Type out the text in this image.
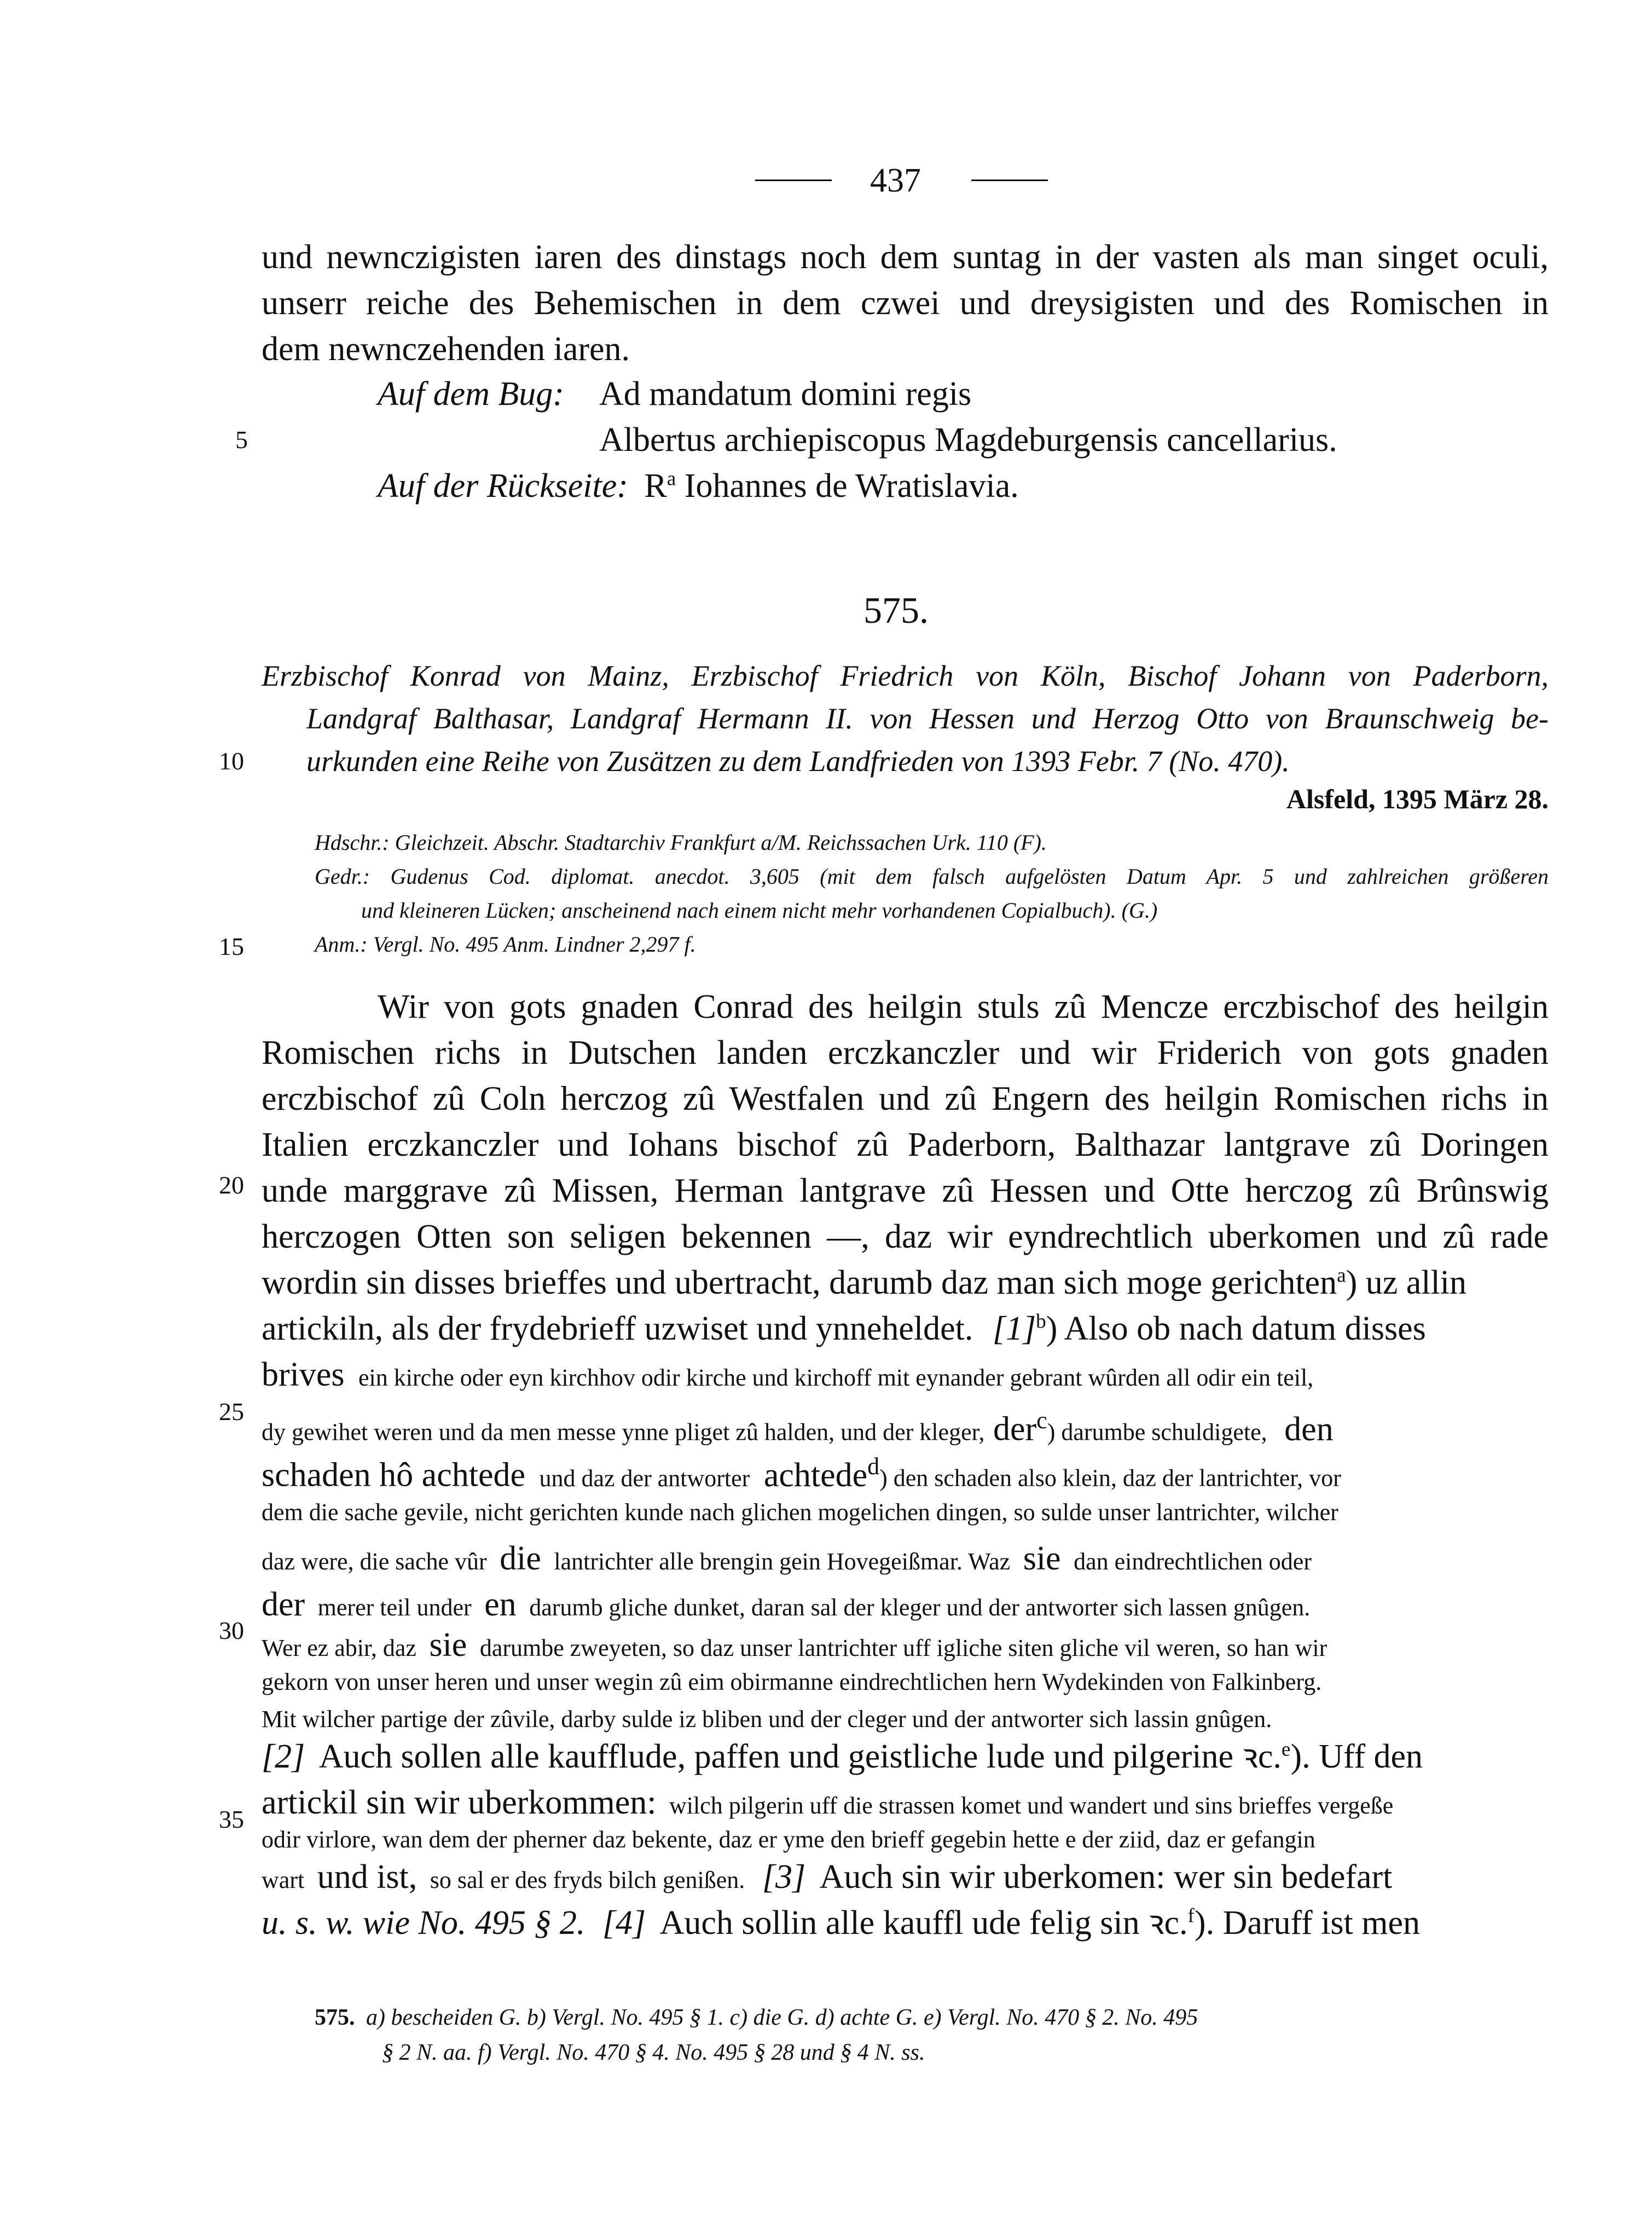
437
und newnczigisten iaren des dinstags noch dem suntag in der vasten als man singet oculi,
unserr reiche des Behemischen in dem czwei und dreysigisten und des Romischen in
dem newnczehenden iaren.
Auf dem Bug: Ad mandatum domini regis
Albertus archiepiscopus Magdeburgensis cancellarius.
Auf der Rückseite: $R^a$ Iohannes de Wratislavia.
575.
Erzbischof Konrad von Mainz, Erzbischof Friedrich von Köln, Bischof Johann von Paderborn,
Landgraf Balthasar, Landgraf Hermann II. von Hessen und Herzog Otto von Braunschweig be-
urkunden eine Reihe von Zusätzen zu dem Landfrieden von 1393 Febr. 7 (No. 470).
Alsfeld, 1395 März 28.
Hdschr.: Gleichzeit. Abschr. Stadtarchiv Frankfurt a/M. Reichssachen Urk. 110 (F).
Gedr.: Gudenus Cod. diplomat. anecdot. 3,605 (mit dem falsch aufgelösten Datum Apr. 5 und zahlreichen größeren
und kleineren Lücken; anscheinend nach einem nicht mehr vorhandenen Copialbuch). (G.)
Anm.: Vergl. No. 495 Anm. Lindner 2,297 f.
5
10
15
20
25
30
35
Wir von gots gnaden Conrad des heilgin stuls zû Mencze erczbischof des heilgin
Romischen richs in Dutschen landen erczkanczler und wir Friderich von gots gnaden
erczbischof zû Coln herczog zû Westfalen und zû Engern des heilgin Romischen richs in
Italien erczkanczler und Iohans bischof zû Paderborn, Balthazar lantgrave zû Doringen
unde marggrave zû Missen, Herman lantgrave zû Hessen und Otte herczog zû Brûnswig
herczogen Otten son seligen bekennen —, daz wir eyndrechtlich uberkomen und zû rade
wordin sin disses brieffes und ubertracht, darumb daz man sich moge gerichten$^a$) uz allin
artickiln, als der frydebrieff uzwiset und ynneheldet. $[1]^b$) Also ob nach datum disses
brives ein kirche oder eyn kirchhov odir kirche und kirchoff mit eynander gebrant wûrden all odir ein teil,
dy gewihet weren und da men messe ynne pliget zû halden, und der kleger, der$^c$) darumbe schuldigete, den
schaden hô achtede und daz der antworter achtede$^d$) den schaden also klein, daz der lantrichter, vor
dem die sache gevile, nicht gerichten kunde nach glichen mogelichen dingen, so sulde unser lantrichter, wilcher
daz were, die sache vûr die lantrichter alle brengin gein Hovegeißmar. Waz sie dan eindrechtlichen oder
der merer teil under en darumb gliche dunket, daran sal der kleger und der antworter sich lassen gnûgen.
Wer ez abir, daz sie darumbe zweyeten, so daz unser lantrichter uff igliche siten gliche vil weren, so han wir
gekorn von unser heren und unser wegin zû eim obirmanne eindrechtlichen hern Wydekinden von Falkinberg.
Mit wilcher partige der zûvile, darby sulde iz bliben und der cleger und der antworter sich lassin gnûgen.
[2] Auch sollen alle kaufflude, paffen und geistliche lude und pilgerine ꝛc.$^e$). Uff den
artickil sin wir uberkommen: wilch pilgerin uff die strassen komet und wandert und sins brieffes vergeße
odir virlore, wan dem der pherner daz bekente, daz er yme den brieff gegebin hette e der ziid, daz er gefangin
wart und ist, so sal er des fryds bilch genißen. [3] Auch sin wir uberkomen: wer sin bedefart
u. s. w. wie No. 495 § 2. [4] Auch sollin alle kauffl ude felig sin ꝛc.$^f$). Daruff ist men
575. a) bescheiden G. b) Vergl. No. 495 § 1. c) die G. d) achte G. e) Vergl. No. 470 § 2. No. 495
§ 2 N. aa. f) Vergl. No. 470 § 4. No. 495 § 28 und § 4 N. ss.
